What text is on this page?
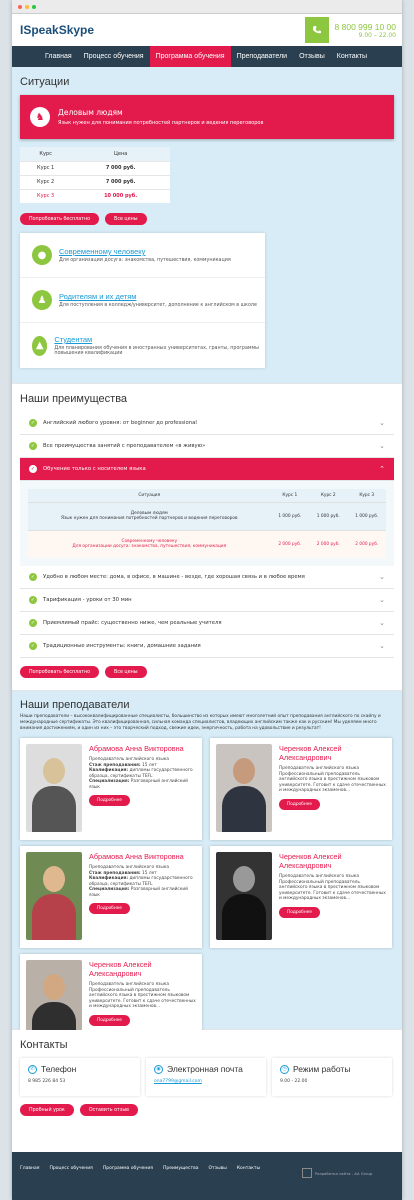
ISpeakSkype	8 800 999 10 00
9.00 – 22.00
Главная	Процесс обучения	Программа обучения	Преподаватели	Отзывы	Контакты
Ситуации
♞	Деловым людям
Язык нужен для понимания потребностей партнеров и ведения переговоров
Курс	Цена
Курс 1	7 000 руб.
Курс 2	7 000 руб.
Курс 3	10 000 руб.
Попробовать бесплатно	Все цены
●	Современному человеку
Для организации досуга: знакомства, путешествия, коммуникация
♟	Родителям и их детям
Для поступления в колледж/университет, дополнение к английском в школе
▲
Студентам
Для планирования обучения в иностранных университетах, гранты, программы повышения квалификации
Наши преимущества
✓	Английский любого уровня: от beginner до professional	⌄
✓	Все преимущества занятий с преподавателем «в живую»	⌄
✓	Обучение только с носителем языка	⌃
Ситуация	Курс 1	Курс 2	Курс 3

Деловым людям
Язык нужен для понимания потребностей партнеров и ведения переговоров	1 000 руб.	1 000 руб.	1 000 руб.

Современному человеку
Для организации досуга: знакомства, путешествия, коммуникация	2 000 руб.	2 000 руб.	2 000 руб.
✓	Удобно в любом месте: дома, в офисе, в машине - везде, где хорошая связь и в любое время	⌄
✓	Тарификация - уроки от 30 мин	⌄
✓	Приемлимый прайс: существенно ниже, чем реальные учителя	⌄
✓	Традиционные инструменты: книги, домашние задания	⌄
Попробовать бесплатно	Все цены
Наши преподаватели
Наши преподаватели – высококвалифицированные специалисты, большинство из которых имеют многолетний опыт преподавания английского по скайпу и международные сертификаты. Это квалифицированная, сильная команда специалистов, владеющих английским также как и русским! Мы уделяем много внимания достижениям, и один из них – это творческий подход, свежие идеи, энергичность, работа на удовольствие и результат!
Абрамова Анна Викторовна
Преподаватель английского языка
Стаж преподавания: 15 лет
Квалификация: дипломы государственного образца, сертификаты TEFL
Специализация: Разговорный английский язык
Подробнее
Черенков Алексей Александрович
Преподаватель английского языка
Профессиональный преподаватель английского языка в престижном языковом университете. Готовит к сдаче отечественных и международных экзаменов...
Подробнее
Абрамова Анна Викторовна
Преподаватель английского языка
Стаж преподавания: 15 лет
Квалификация: дипломы государственного образца, сертификаты TEFL
Специализация: Разговорный английский язык
Подробнее
Черенков Алексей Александрович
Преподаватель английского языка
Профессиональный преподаватель английского языка в престижном языковом университете. Готовит к сдаче отечественных и международных экзаменов...
Подробнее
Черенков Алексей Александрович
Преподаватель английского языка
Профессиональный преподаватель английского языка в престижном языковом университете. Готовит к сдаче отечественных и международных экзаменов...
Подробнее
Контакты
✆ Телефон
8 985 226 84 53
◉ Электронная почта
ona7799@gmail.com
◷ Режим работы
9.00 - 22.00
Пробный урок	Оставить отзыв
Главная Процесс обучения Программа обучения Преимущества Отзывы Контакты
Разработка сайта - AA Group
